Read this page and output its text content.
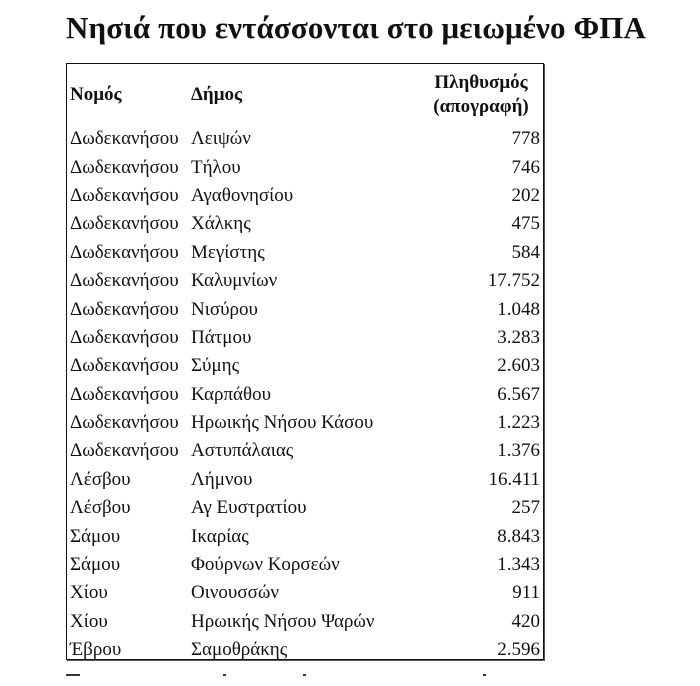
Νησιά που εντάσσονται στο μειωμένο ΦΠΑ
Νομός	Δήμος	Πληθυσμός
(απογραφή)

Δωδεκανήσου	Λειψών	778
Δωδεκανήσου	Τήλου	746
Δωδεκανήσου	Αγαθονησίου	202
Δωδεκανήσου	Χάλκης	475
Δωδεκανήσου	Μεγίστης	584
Δωδεκανήσου	Καλυμνίων	17.752
Δωδεκανήσου	Νισύρου	1.048
Δωδεκανήσου	Πάτμου	3.283
Δωδεκανήσου	Σύμης	2.603
Δωδεκανήσου	Καρπάθου	6.567
Δωδεκανήσου	Ηρωικής Νήσου Κάσου	1.223
Δωδεκανήσου	Αστυπάλαιας	1.376
Λέσβου	Λήμνου	16.411
Λέσβου	Αγ Ευστρατίου	257
Σάμου	Ικαρίας	8.843
Σάμου	Φούρνων Κορσεών	1.343
Χίου	Οινουσσών	911
Χίου	Ηρωικής Νήσου Ψαρών	420
Έβρου	Σαμοθράκης	2.596
